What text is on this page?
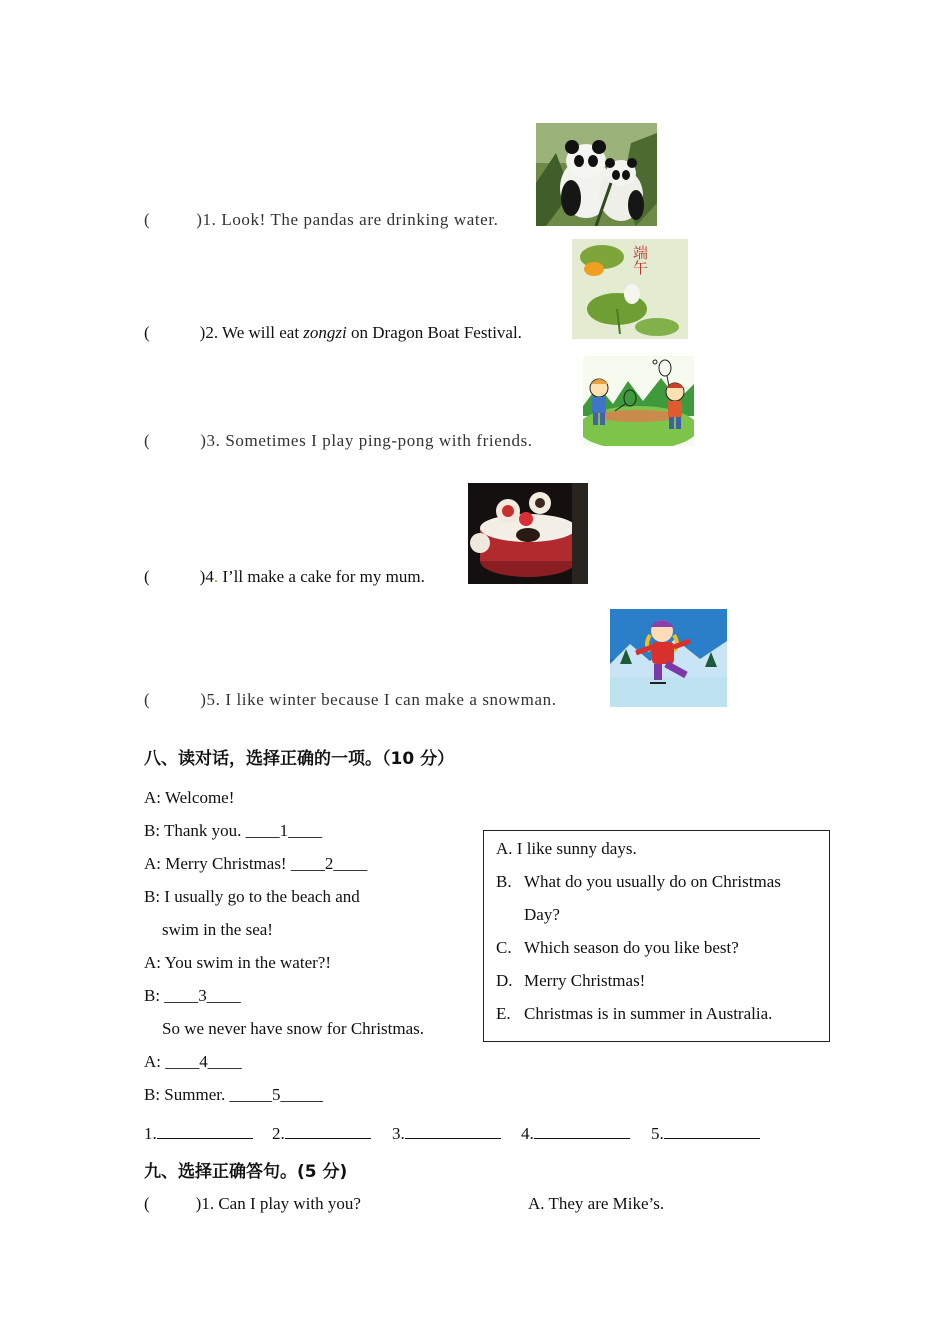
(	)1. Look! The pandas are drinking water.
(	)2. We will eat zongzi on Dragon Boat Festival.
端午
(	)3. Sometimes I play ping-pong with friends.
(	)4. I’ll make a cake for my mum.
(	)5. I like winter because I can make a snowman.
八、读对话，选择正确的一项。（10 分）
A: Welcome!
B: Thank you. ____1____
A: Merry Christmas! ____2____
B: I usually go to the beach and
swim in the sea!
A: You swim in the water?!
B: ____3____
So we never have snow for Christmas.
A: ____4____
B: Summer. _____5_____
A. I like sunny days.
B. What do you usually do on Christmas
Day?
C. Which season do you like best?
D. Merry Christmas!
E. Christmas is in summer in Australia.
1.	2.	3.	4.	5.
九、选择正确答句。(5 分)
(	)1. Can I play with you?	A. They are Mike’s.
